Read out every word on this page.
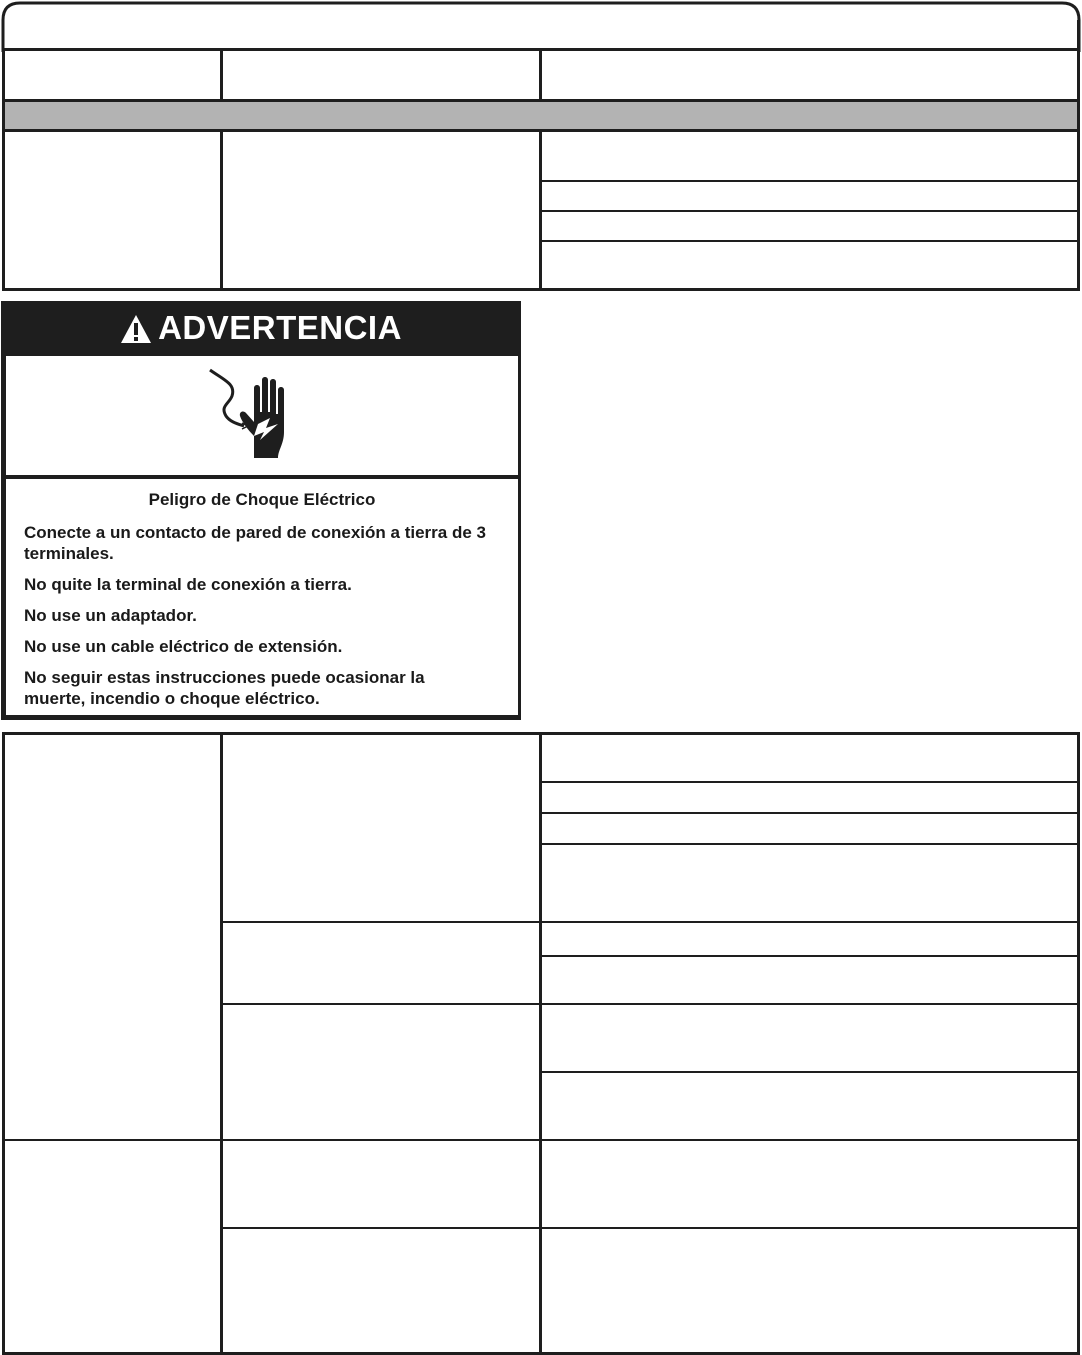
ADVERTENCIA
Peligro de Choque Eléctrico
Conecte a un contacto de pared de conexión a tierra de 3 terminales.
No quite la terminal de conexión a tierra.
No use un adaptador.
No use un cable eléctrico de extensión.
No seguir estas instrucciones puede ocasionar la muerte, incendio o choque eléctrico.
